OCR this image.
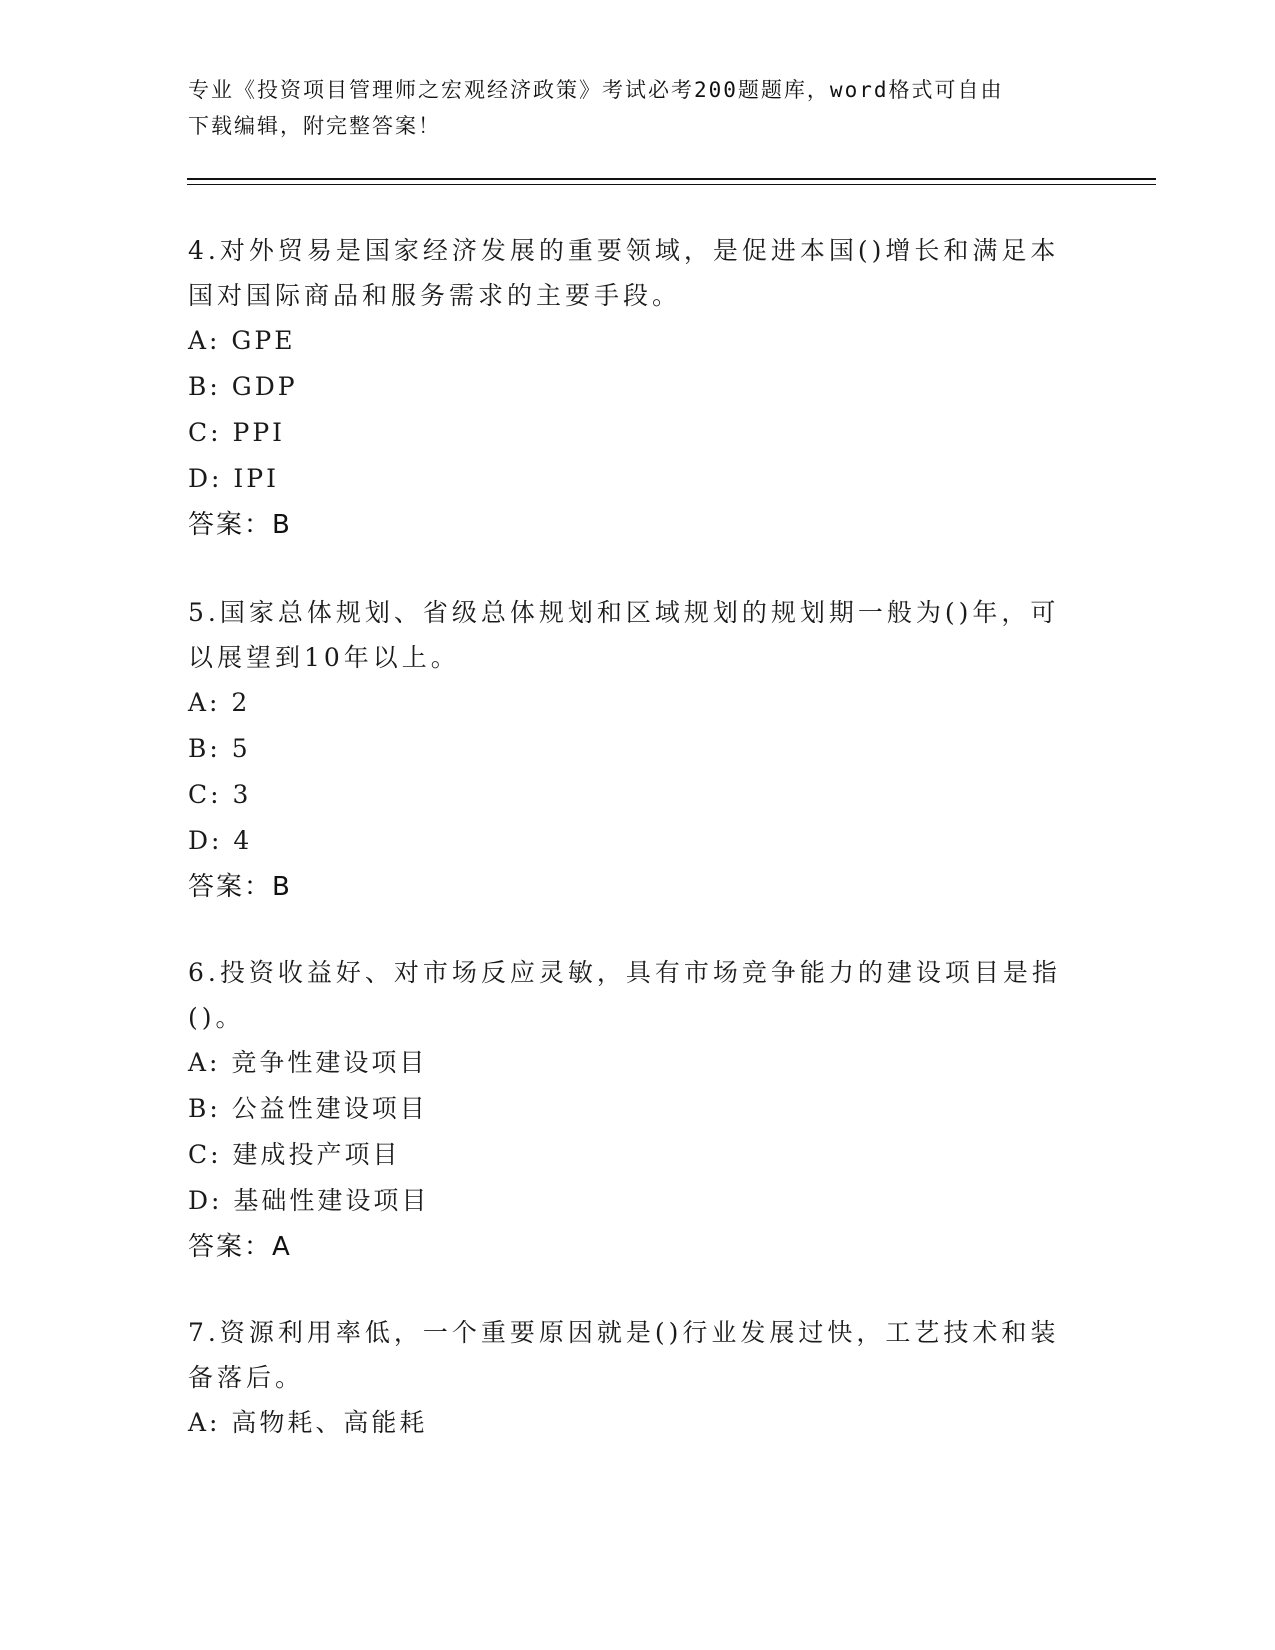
专业《投资项目管理师之宏观经济政策》考试必考200题题库，word格式可自由
下载编辑，附完整答案！

4.对外贸易是国家经济发展的重要领域，是促进本国()增长和满足本

国对国际商品和服务需求的主要手段。

A: GPE

B: GDP

C: PPI

D: IPI

答案：B

5.国家总体规划、省级总体规划和区域规划的规划期一般为()年，可

以展望到10年以上。

A: 2

B: 5

C: 3

D: 4

答案：B

6.投资收益好、对市场反应灵敏，具有市场竞争能力的建设项目是指

()。

A: 竞争性建设项目

B: 公益性建设项目

C: 建成投产项目

D: 基础性建设项目

答案：A

7.资源利用率低，一个重要原因就是()行业发展过快，工艺技术和装

备落后。

A: 高物耗、高能耗
